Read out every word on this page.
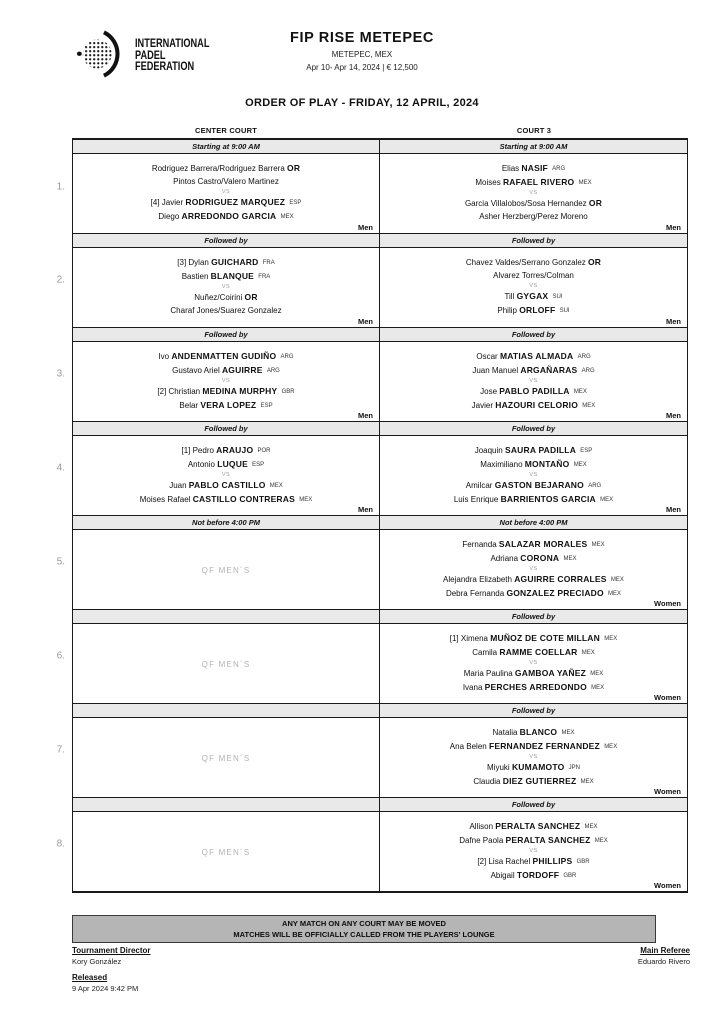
INTERNATIONAL
PADEL
FEDERATION
FIP RISE METEPEC
METEPEC, MEX
Apr 10- Apr 14, 2024 | € 12,500
ORDER OF PLAY - FRIDAY, 12 APRIL, 2024
CENTER COURT	COURT 3
1.
Starting at 9:00 AM
Rodriguez Barrera/Rodriguez Barrera OR
Pintos Castro/Valero Martinez
VS
[4] Javier RODRIGUEZ MARQUEZ ESP
Diego ARREDONDO GARCIA MEX
Men
Starting at 9:00 AM
Elias NASIF ARG
Moises RAFAEL RIVERO MEX
VS
Garcia Villalobos/Sosa Hernandez OR
Asher Herzberg/Perez Moreno
Men
2.
Followed by
[3] Dylan GUICHARD FRA
Bastien BLANQUE FRA
VS
Nuñez/Coirini OR
Charaf Jones/Suarez Gonzalez
Men
Followed by
Chavez Valdes/Serrano Gonzalez OR
Alvarez Torres/Colman
VS
Till GYGAX SUI
Philip ORLOFF SUI
Men
3.
Followed by
Ivo ANDENMATTEN GUDIÑO ARG
Gustavo Ariel AGUIRRE ARG
VS
[2] Christian MEDINA MURPHY GBR
Belar VERA LOPEZ ESP
Men
Followed by
Oscar MATIAS ALMADA ARG
Juan Manuel ARGAÑARAS ARG
VS
Jose PABLO PADILLA MEX
Javier HAZOURI CELORIO MEX
Men
4.
Followed by
[1] Pedro ARAUJO POR
Antonio LUQUE ESP
VS
Juan PABLO CASTILLO MEX
Moises Rafael CASTILLO CONTRERAS MEX
Men
Followed by
Joaquin SAURA PADILLA ESP
Maximiliano MONTAÑO MEX
VS
Amilcar GASTON BEJARANO ARG
Luis Enrique BARRIENTOS GARCIA MEX
Men
5.
Not before 4:00 PM
QF MEN´S
Not before 4:00 PM
Fernanda SALAZAR MORALES MEX
Adriana CORONA MEX
VS
Alejandra Elizabeth AGUIRRE CORRALES MEX
Debra Fernanda GONZALEZ PRECIADO MEX
Women
6.
QF MEN´S
Followed by
[1] Ximena MUÑOZ DE COTE MILLAN MEX
Camila RAMME COELLAR MEX
VS
Maria Paulina GAMBOA YAÑEZ MEX
Ivana PERCHES ARREDONDO MEX
Women
7.
QF MEN´S
Followed by
Natalia BLANCO MEX
Ana Belen FERNANDEZ FERNANDEZ MEX
VS
Miyuki KUMAMOTO JPN
Claudia DIEZ GUTIERREZ MEX
Women
8.
QF MEN´S
Followed by
Allison PERALTA SANCHEZ MEX
Dafne Paola PERALTA SANCHEZ MEX
VS
[2] Lisa Rachel PHILLIPS GBR
Abigail TORDOFF GBR
Women
ANY MATCH ON ANY COURT MAY BE MOVED
MATCHES WILL BE OFFICIALLY CALLED FROM THE PLAYERS' LOUNGE
Tournament Director
Kory González
Released
9 Apr 2024 9:42 PM
Main Referee
Eduardo Rivero
